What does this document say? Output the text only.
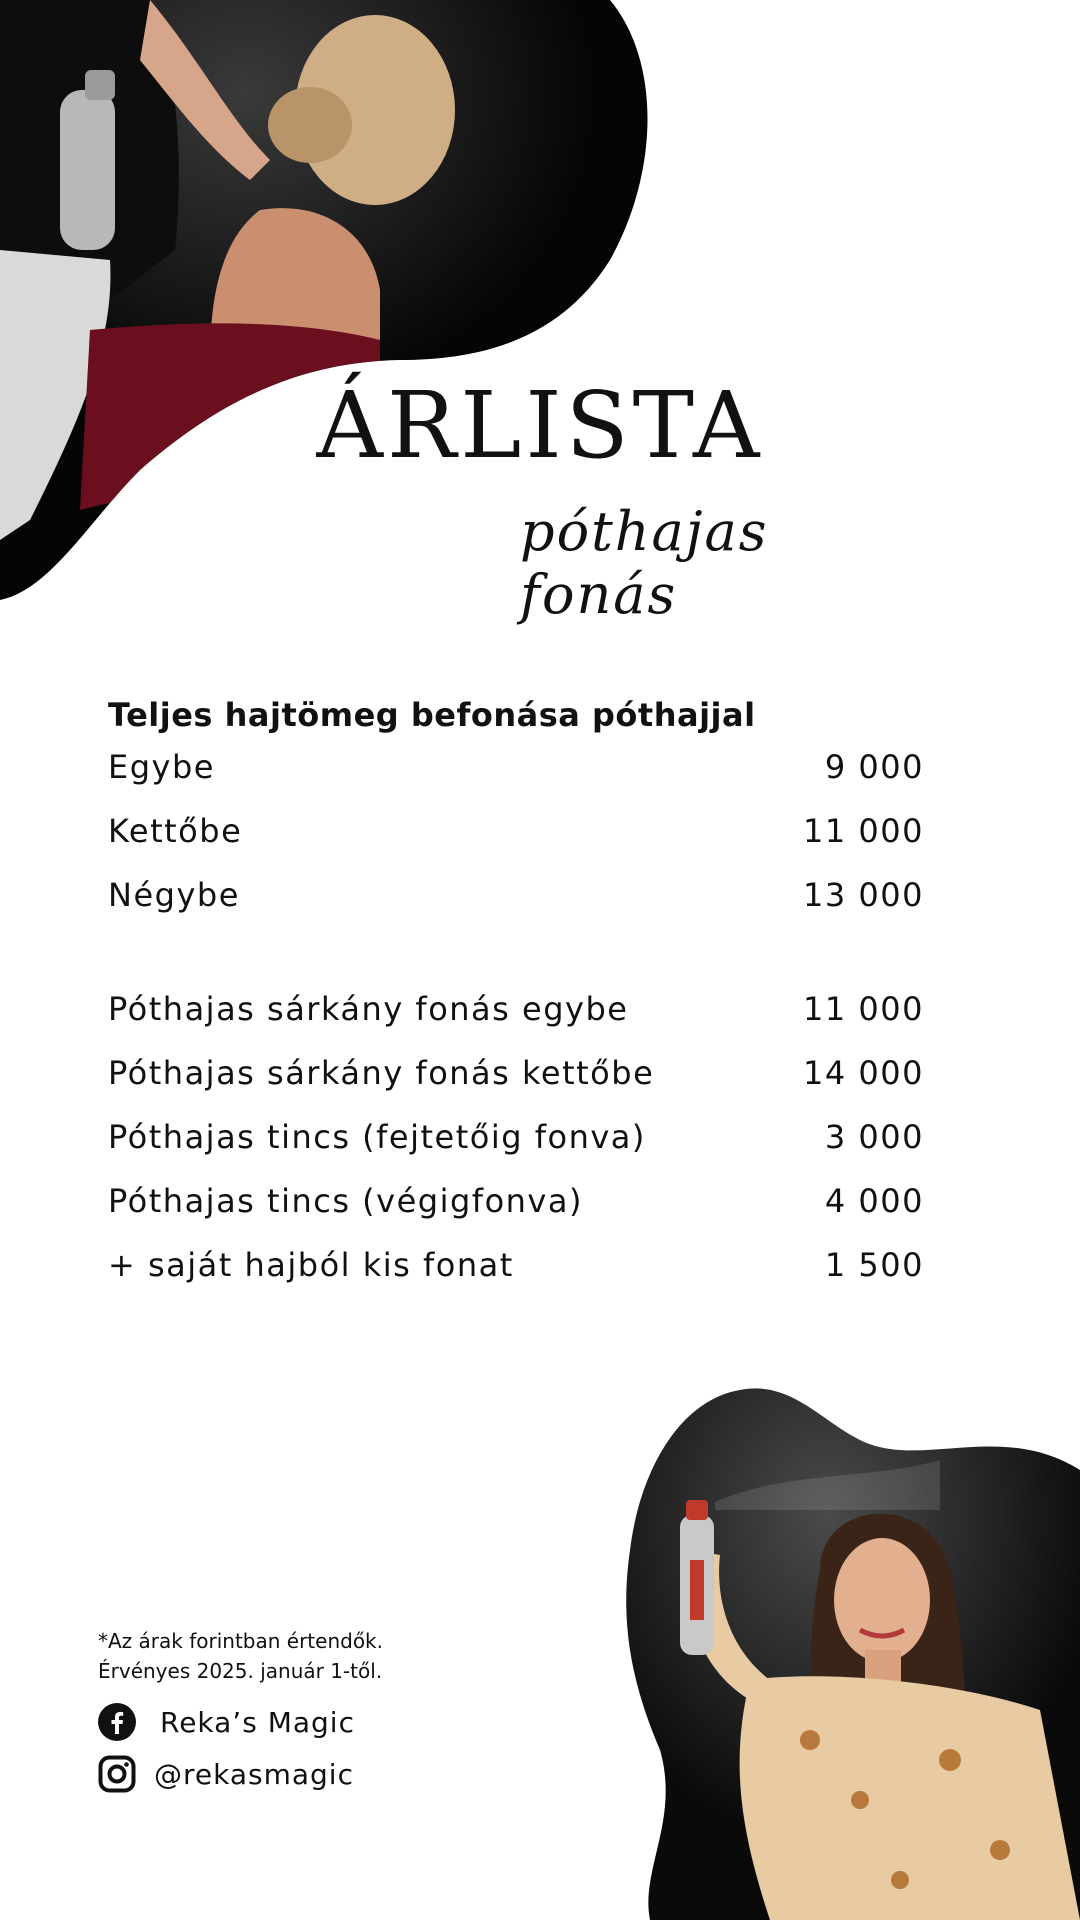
ÁRLISTA
póthajas fonás
Teljes hajtömeg befonása póthajjal
Egybe	9 000
Kettőbe	11 000
Négybe	13 000
Póthajas sárkány fonás egybe	11 000
Póthajas sárkány fonás kettőbe	14 000
Póthajas tincs (fejtetőig fonva)	3 000
Póthajas tincs (végigfonva)	4 000
+ saját hajból kis fonat	1 500
*Az árak forintban értendők.
Érvényes 2025. január 1-től.
Reka’s Magic
@rekasmagic
